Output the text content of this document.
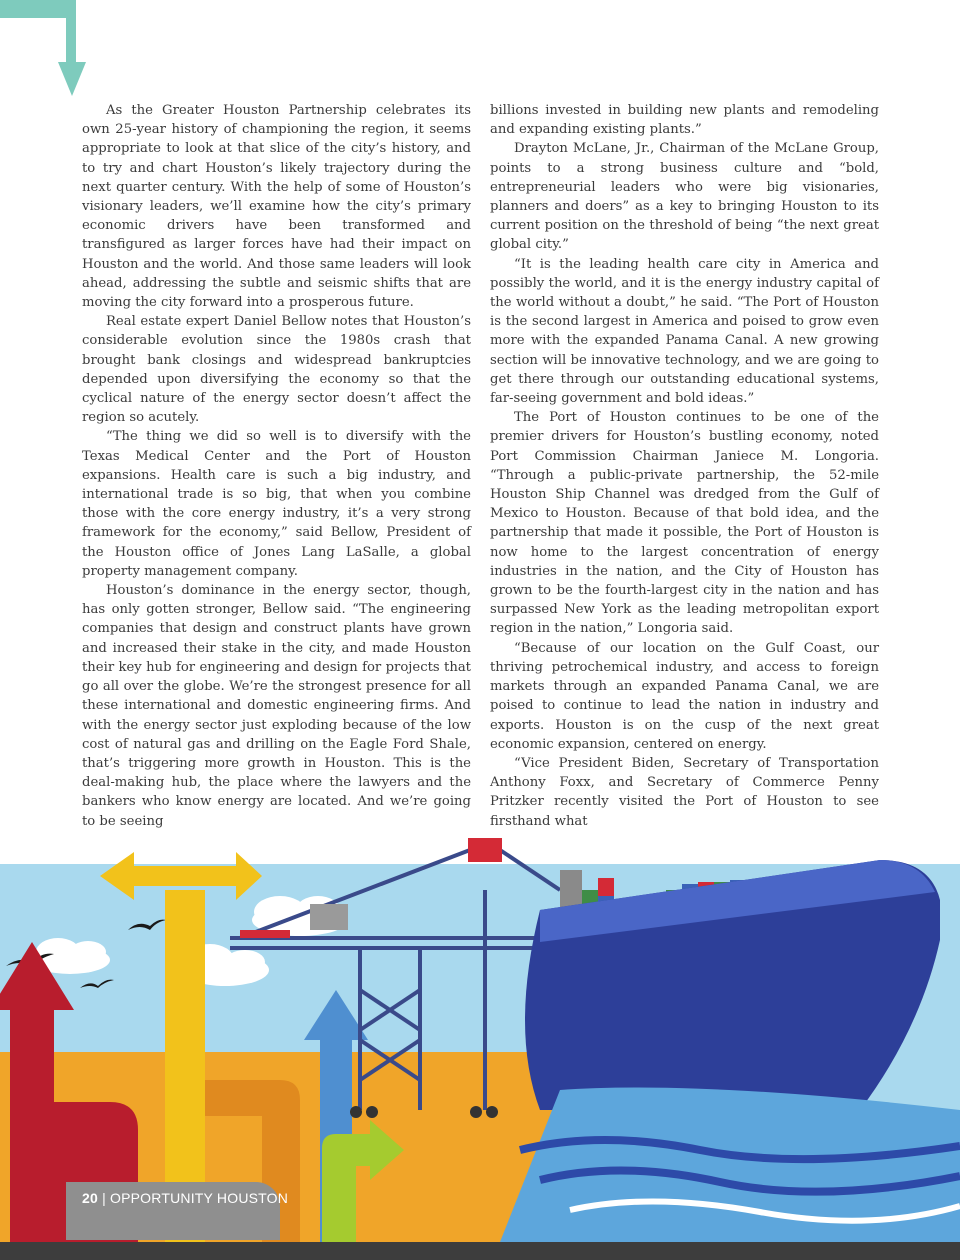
As the Greater Houston Partnership celebrates its own 25-year history of championing the region, it seems appropriate to look at that slice of the city’s history, and to try and chart Houston’s likely trajectory during the next quarter century. With the help of some of Houston’s visionary leaders, we’ll examine how the city’s primary economic drivers have been transformed and transfigured as larger forces have had their impact on Houston and the world. And those same leaders will look ahead, addressing the subtle and seismic shifts that are moving the city forward into a prosperous future.

Real estate expert Daniel Bellow notes that Houston’s considerable evolution since the 1980s crash that brought bank closings and widespread bankruptcies depended upon diversifying the economy so that the cyclical nature of the energy sector doesn’t affect the region so acutely.

“The thing we did so well is to diversify with the Texas Medical Center and the Port of Houston expansions. Health care is such a big industry, and international trade is so big, that when you combine those with the core energy industry, it’s a very strong framework for the economy,” said Bellow, President of the Houston office of Jones Lang LaSalle, a global property management company.

Houston’s dominance in the energy sector, though, has only gotten stronger, Bellow said. “The engineering companies that design and construct plants have grown and increased their stake in the city, and made Houston their key hub for engineering and design for projects that go all over the globe. We’re the strongest presence for all these international and domestic engineering firms. And with the energy sector just exploding because of the low cost of natural gas and drilling on the Eagle Ford Shale, that’s triggering more growth in Houston. This is the deal-making hub, the place where the lawyers and the bankers who know energy are located. And we’re going to be seeing

billions invested in building new plants and remodeling and expanding existing plants.”

Drayton McLane, Jr., Chairman of the McLane Group, points to a strong business culture and “bold, entrepreneurial leaders who were big visionaries, planners and doers” as a key to bringing Houston to its current position on the threshold of being “the next great global city.”

“It is the leading health care city in America and possibly the world, and it is the energy industry capital of the world without a doubt,” he said. “The Port of Houston is the second largest in America and poised to grow even more with the expanded Panama Canal. A new growing section will be innovative technology, and we are going to get there through our outstanding educational systems, far-seeing government and bold ideas.”

The Port of Houston continues to be one of the premier drivers for Houston’s bustling economy, noted Port Commission Chairman Janiece M. Longoria. “Through a public-private partnership, the 52-mile Houston Ship Channel was dredged from the Gulf of Mexico to Houston. Because of that bold idea, and the partnership that made it possible, the Port of Houston is now home to the largest concentration of energy industries in the nation, and the City of Houston has grown to be the fourth-largest city in the nation and has surpassed New York as the leading metropolitan export region in the nation,” Longoria said.

“Because of our location on the Gulf Coast, our thriving petrochemical industry, and access to foreign markets through an expanded Panama Canal, we are poised to continue to lead the nation in industry and exports. Houston is on the cusp of the next great economic expansion, centered on energy.

“Vice President Biden, Secretary of Transportation Anthony Foxx, and Secretary of Commerce Penny Pritzker recently visited the Port of Houston to see firsthand what

20 | OPPORTUNITY HOUSTON
